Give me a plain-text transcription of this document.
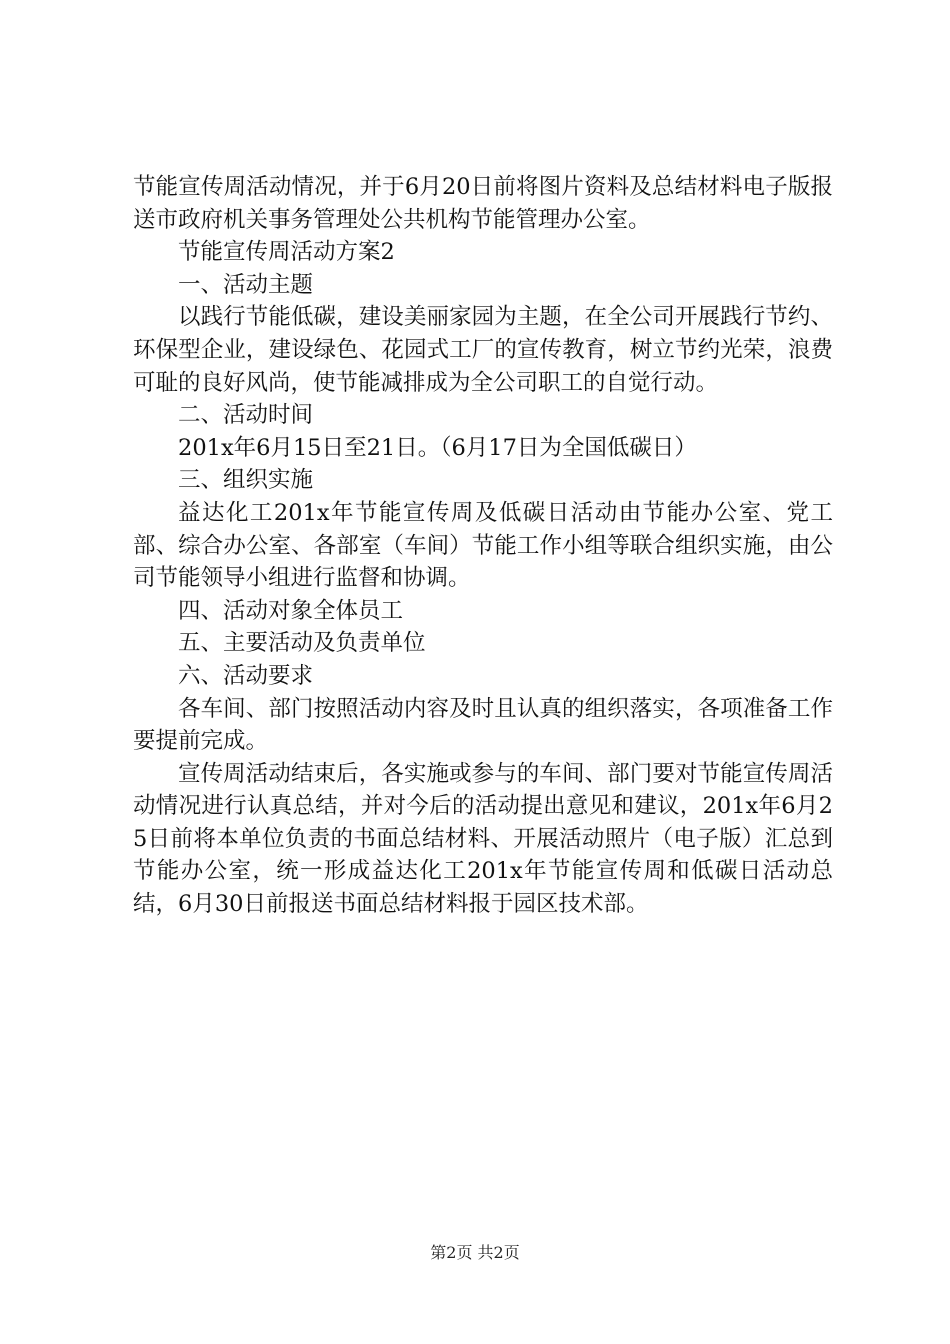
节能宣传周活动情况，并于6月20日前将图片资料及总结材料电子版报送市政府机关事务管理处公共机构节能管理办公室。

节能宣传周活动方案2

一、活动主题

以践行节能低碳，建设美丽家园为主题，在全公司开展践行节约、环保型企业，建设绿色、花园式工厂的宣传教育，树立节约光荣，浪费可耻的良好风尚，使节能减排成为全公司职工的自觉行动。

二、活动时间

201x年6月15日至21日。（6月17日为全国低碳日）

三、组织实施

益达化工201x年节能宣传周及低碳日活动由节能办公室、党工部、综合办公室、各部室（车间）节能工作小组等联合组织实施，由公司节能领导小组进行监督和协调。

四、活动对象全体员工

五、主要活动及负责单位

六、活动要求

各车间、部门按照活动内容及时且认真的组织落实，各项准备工作要提前完成。

宣传周活动结束后，各实施或参与的车间、部门要对节能宣传周活动情况进行认真总结，并对今后的活动提出意见和建议，201x年6月25日前将本单位负责的书面总结材料、开展活动照片（电子版）汇总到节能办公室，统一形成益达化工201x年节能宣传周和低碳日活动总结，6月30日前报送书面总结材料报于园区技术部。

第2页 共2页
